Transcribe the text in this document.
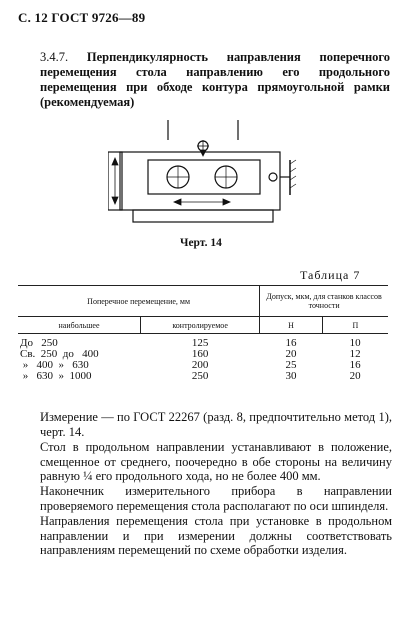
С. 12 ГОСТ 9726—89
3.4.7. Перпендикулярность направления поперечного перемещения стола направлению его продольного перемещения при обходе контура прямоугольной рамки (рекомендуемая)
Черт. 14
Таблица 7
Поперечное перемещение, мм		Допуск, мкм, для станков классов точности	
наибольшее	контролируемое	Н	П
До   250	125	16	10
Св.  250  до   400	160	20	12
»   400  »   630	200	25	16
»   630  »  1000	250	30	20
Измерение — по ГОСТ 22267 (разд. 8, предпочтительно метод 1), черт. 14.
Стол в продольном направлении устанавливают в положение, смещенное от среднего, поочередно в обе стороны на величину равную ¼ его продольного хода, но не более 400 мм.
Наконечник измерительного прибора в направлении проверяемого перемещения стола располагают по оси шпинделя.
Направления перемещения стола при установке в продольном направлении и при измерении должны соответствовать направлениям перемещений по схеме обработки изделия.
